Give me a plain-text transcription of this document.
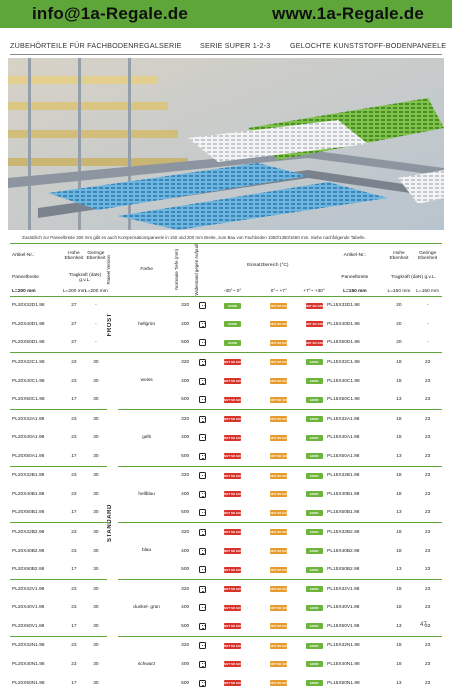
info@1a-Regale.de	www.1a-Regale.de
ZUBEHÖRTEILE FÜR FACHBODENREGALSERIE	SERIE SUPER 1-2-3	GELOCHTE KUNSTSTOFF-BODENPANEELE
Zusätzlich zur Paneelbreite 300 mm gibt es auch Kompensationspaneele in 150 und 200 mm Breite, zum Bau von Fachböden 1050/1350/1650 mm. Siehe nachfolgende Tabelle.
Artikel-Nr.:	Hohe Ebenheit	Geringe Ebenheit	Paneel Version	Farbe	Nominale Tiefe (mm)	Widerstand gegen Aufprall	Einsatzbereich (°C)			Artikel-Nr.:	Hohe Ebenheit	Geringe Ebenheit
Paneelbreite	Tragkraft (daN) g.v.L.									Paneelbreite	Tragkraft (daN) g.v.L.	
L=200 mm	L=200 mm	L=200 mm					-30°~ 0°	0°~ +7°	+7°~ +30°	L=150 mm	L=150 mm	L=150 mm
PL20X32D1.98	27	-	FROST		320		GOOD	NOT SO GOOD	NOT SO GOOD	PL15X32D1.98	20	-
PL20X40D1.98	27	-		hellgrün	400		GOOD	NOT SO GOOD	NOT SO GOOD	PL15X40D1.98	20	-
PL20X50D1.98	27	-			500		GOOD	NOT SO GOOD	NOT SO GOOD	PL15X50D1.98	20	-
PL20X32C1.98	23	30	STANDARD		320		NOT SO GOOD	NOT SO GOOD	GOOD	PL15X32C1.98	18	23
PL20X40C1.98	23	30		weiss	400		NOT SO GOOD	NOT SO GOOD	GOOD	PL15X40C1.98	18	23
PL20X50C1.98	17	30			500		NOT SO GOOD	NOT SO GOOD	GOOD	PL15X50C1.98	13	23
PL20X32A1.98	23	30			320		NOT SO GOOD	NOT SO GOOD	GOOD	PL15X32A1.98	18	23
PL20X40A1.98	23	30		gelb	400		NOT SO GOOD	NOT SO GOOD	GOOD	PL15X40A1.98	18	23
PL20X50A1.98	17	30			500		NOT SO GOOD	NOT SO GOOD	GOOD	PL15X50A1.98	13	23
PL20X32B1.98	23	30			320		NOT SO GOOD	NOT SO GOOD	GOOD	PL15X32B1.98	18	23
PL20X40B1.98	23	30		hellblau	400		NOT SO GOOD	NOT SO GOOD	GOOD	PL15X40B1.98	18	23
PL20X50B1.98	17	30			500		NOT SO GOOD	NOT SO GOOD	GOOD	PL15X50B1.98	13	23
PL20X32B2.98	23	30			320		NOT SO GOOD	NOT SO GOOD	GOOD	PL15X32B2.98	18	23
PL20X40B2.98	23	30		blau	400		NOT SO GOOD	NOT SO GOOD	GOOD	PL15X40B2.98	18	23
PL20X50B2.98	17	30			500		NOT SO GOOD	NOT SO GOOD	GOOD	PL15X50B2.98	13	23
PL20X32V1.98	23	30			320		NOT SO GOOD	NOT SO GOOD	GOOD	PL15X32V1.98	18	23
PL20X40V1.98	23	30		dunkel- grün	400		NOT SO GOOD	NOT SO GOOD	GOOD	PL15X40V1.98	18	23
PL20X50V1.98	17	30			500		NOT SO GOOD	NOT SO GOOD	GOOD	PL15X50V1.98	13	23
PL20X32N1.98	23	30			320		NOT SO GOOD	NOT SO GOOD	GOOD	PL15X32N1.98	18	23
PL20X40N1.98	23	30		schwarz	400		NOT SO GOOD	NOT SO GOOD	GOOD	PL15X40N1.98	18	23
PL20X50N1.98	17	30			500		NOT SO GOOD	NOT SO GOOD	GOOD	PL15X50N1.98	13	23
47
